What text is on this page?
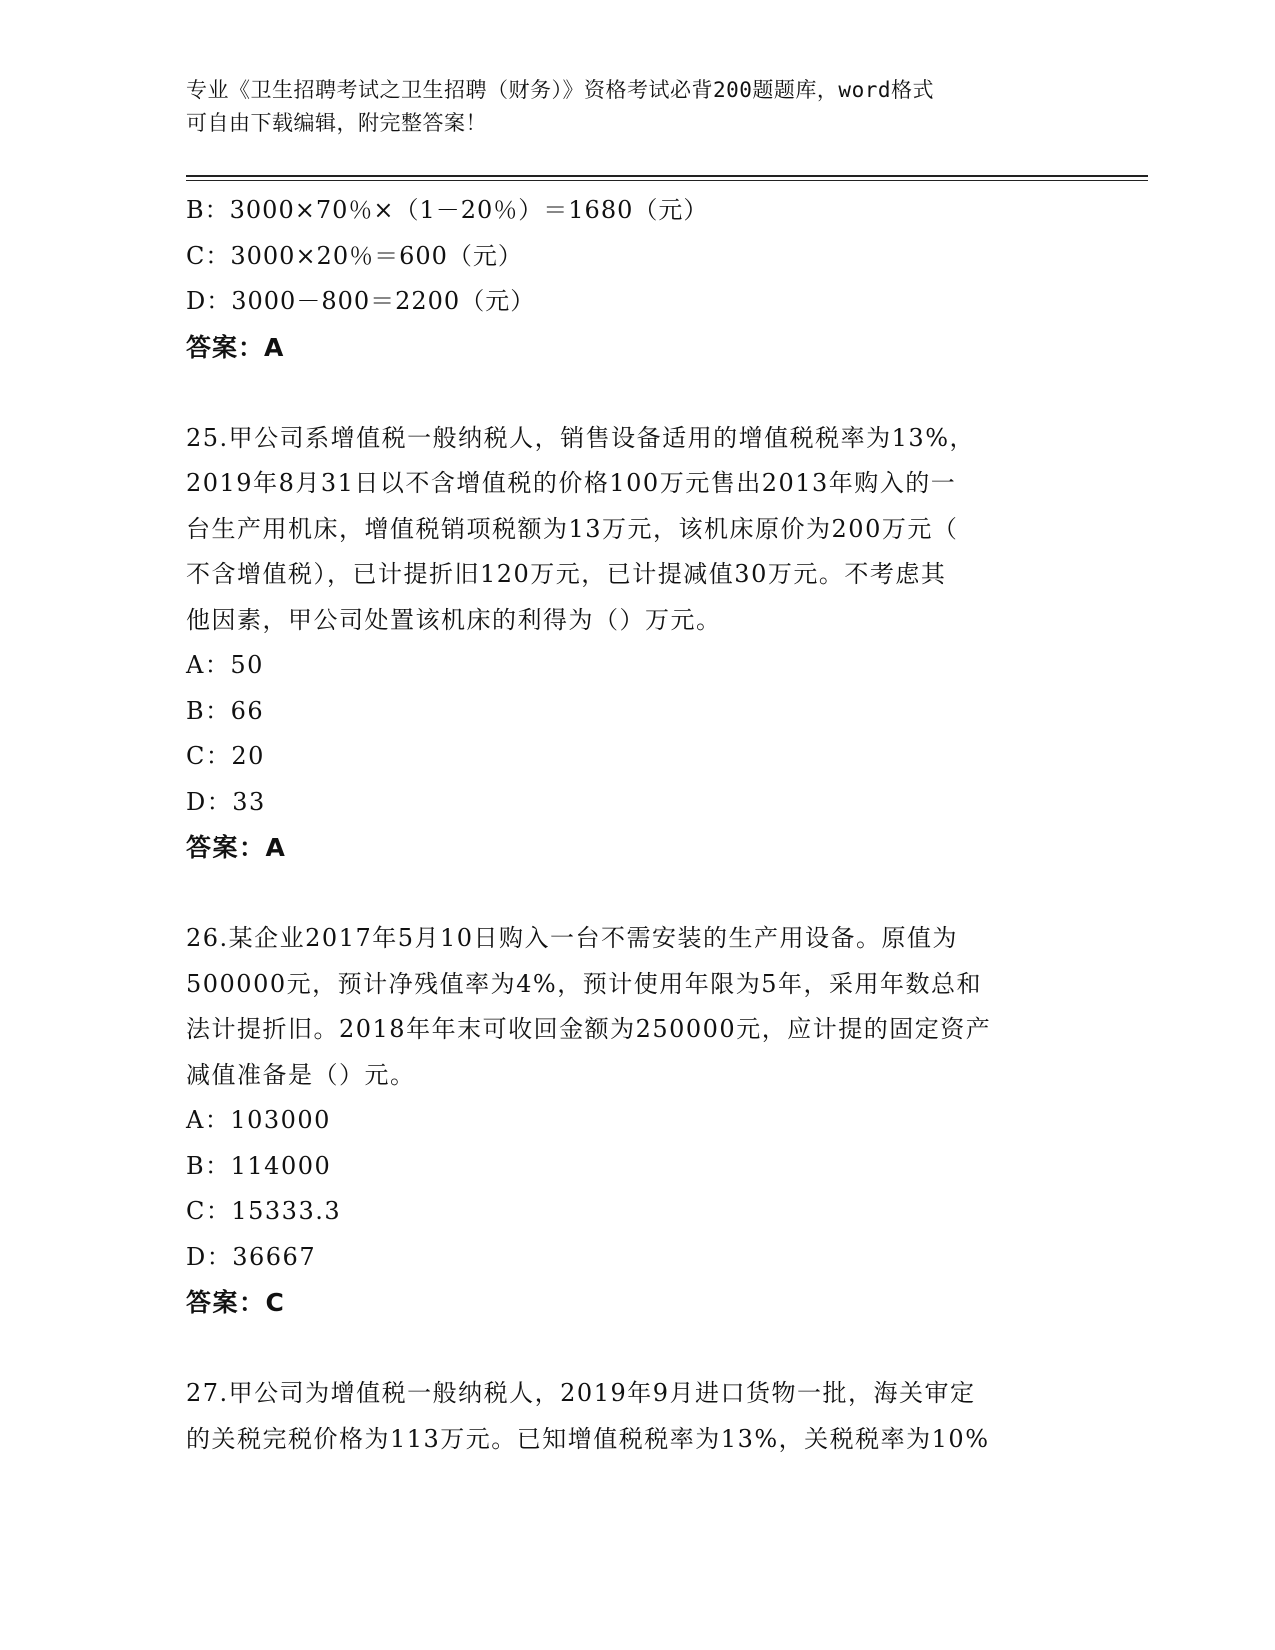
专业《卫生招聘考试之卫生招聘（财务）》资格考试必背200题题库，word格式
可自由下载编辑，附完整答案！
B：3000×70％×（1－20％）＝1680（元）
C：3000×20％＝600（元）
D：3000－800＝2200（元）
答案：A
25.甲公司系增值税一般纳税人，销售设备适用的增值税税率为13%，
2019年8月31日以不含增值税的价格100万元售出2013年购入的一
台生产用机床，增值税销项税额为13万元，该机床原价为200万元（
不含增值税），已计提折旧120万元，已计提减值30万元。不考虑其
他因素，甲公司处置该机床的利得为（）万元。
A：50
B：66
C：20
D：33
答案：A
26.某企业2017年5月10日购入一台不需安装的生产用设备。原值为
500000元，预计净残值率为4%，预计使用年限为5年，采用年数总和
法计提折旧。2018年年末可收回金额为250000元，应计提的固定资产
减值准备是（）元。
A：103000
B：114000
C：15333.3
D：36667
答案：C
27.甲公司为增值税一般纳税人，2019年9月进口货物一批，海关审定
的关税完税价格为113万元。已知增值税税率为13%，关税税率为10%
